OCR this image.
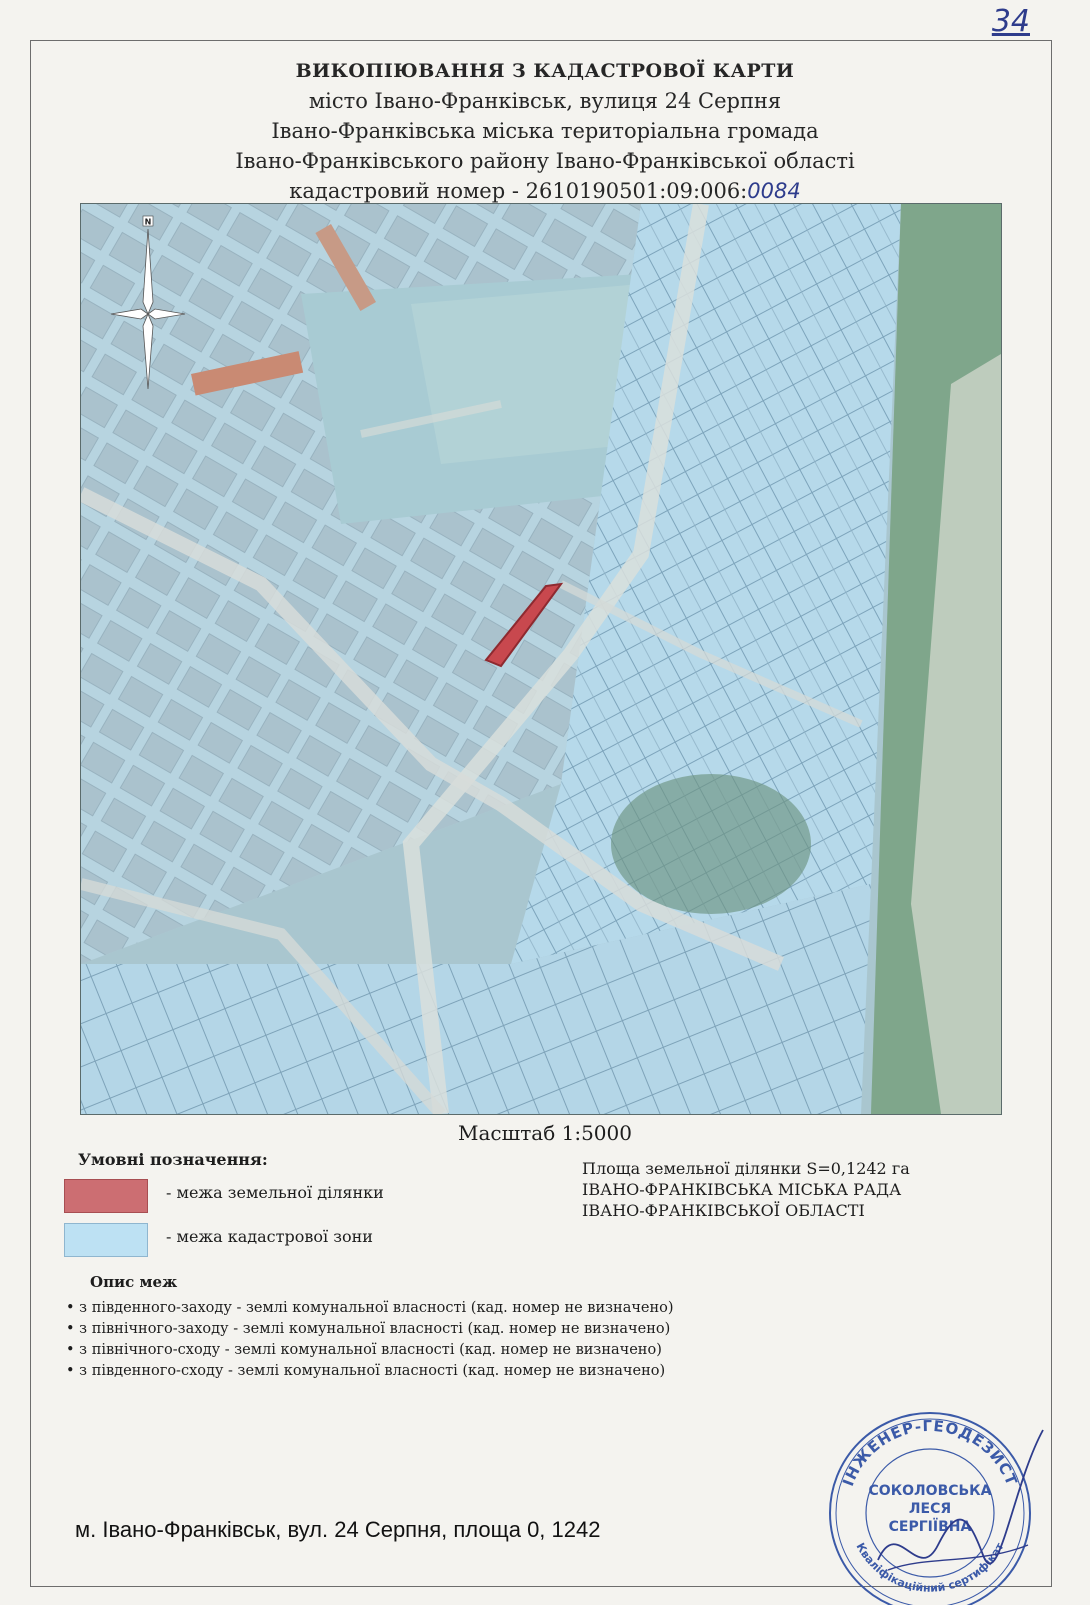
34
ВИКОПІЮВАННЯ З КАДАСТРОВОЇ КАРТИ
місто Івано-Франківськ, вулиця 24 Серпня
Івано-Франківська міська територіальна громада
Івано-Франківського району Івано-Франківської області
кадастровий номер - 2610190501:09:006:0084
N
Масштаб 1:5000
Умовні позначення:
- межа земельної ділянки
- межа кадастрової зони
Площа земельної ділянки S=0,1242 га
ІВАНО-ФРАНКІВСЬКА МІСЬКА РАДА
ІВАНО-ФРАНКІВСЬКОЇ ОБЛАСТІ
Опис меж
• з південного-заходу - землі комунальної власності (кад. номер не визначено)
• з північного-заходу - землі комунальної власності (кад. номер не визначено)
• з північного-сходу - землі комунальної власності (кад. номер не визначено)
• з південного-сходу - землі комунальної власності (кад. номер не визначено)
м. Івано-Франківськ, вул. 24 Серпня, площа 0, 1242
ІНЖЕНЕР-ГЕОДЕЗИСТ
Кваліфікаційний сертифікат
СОКОЛОВСЬКА
ЛЕСЯ
СЕРГІЇВНА
